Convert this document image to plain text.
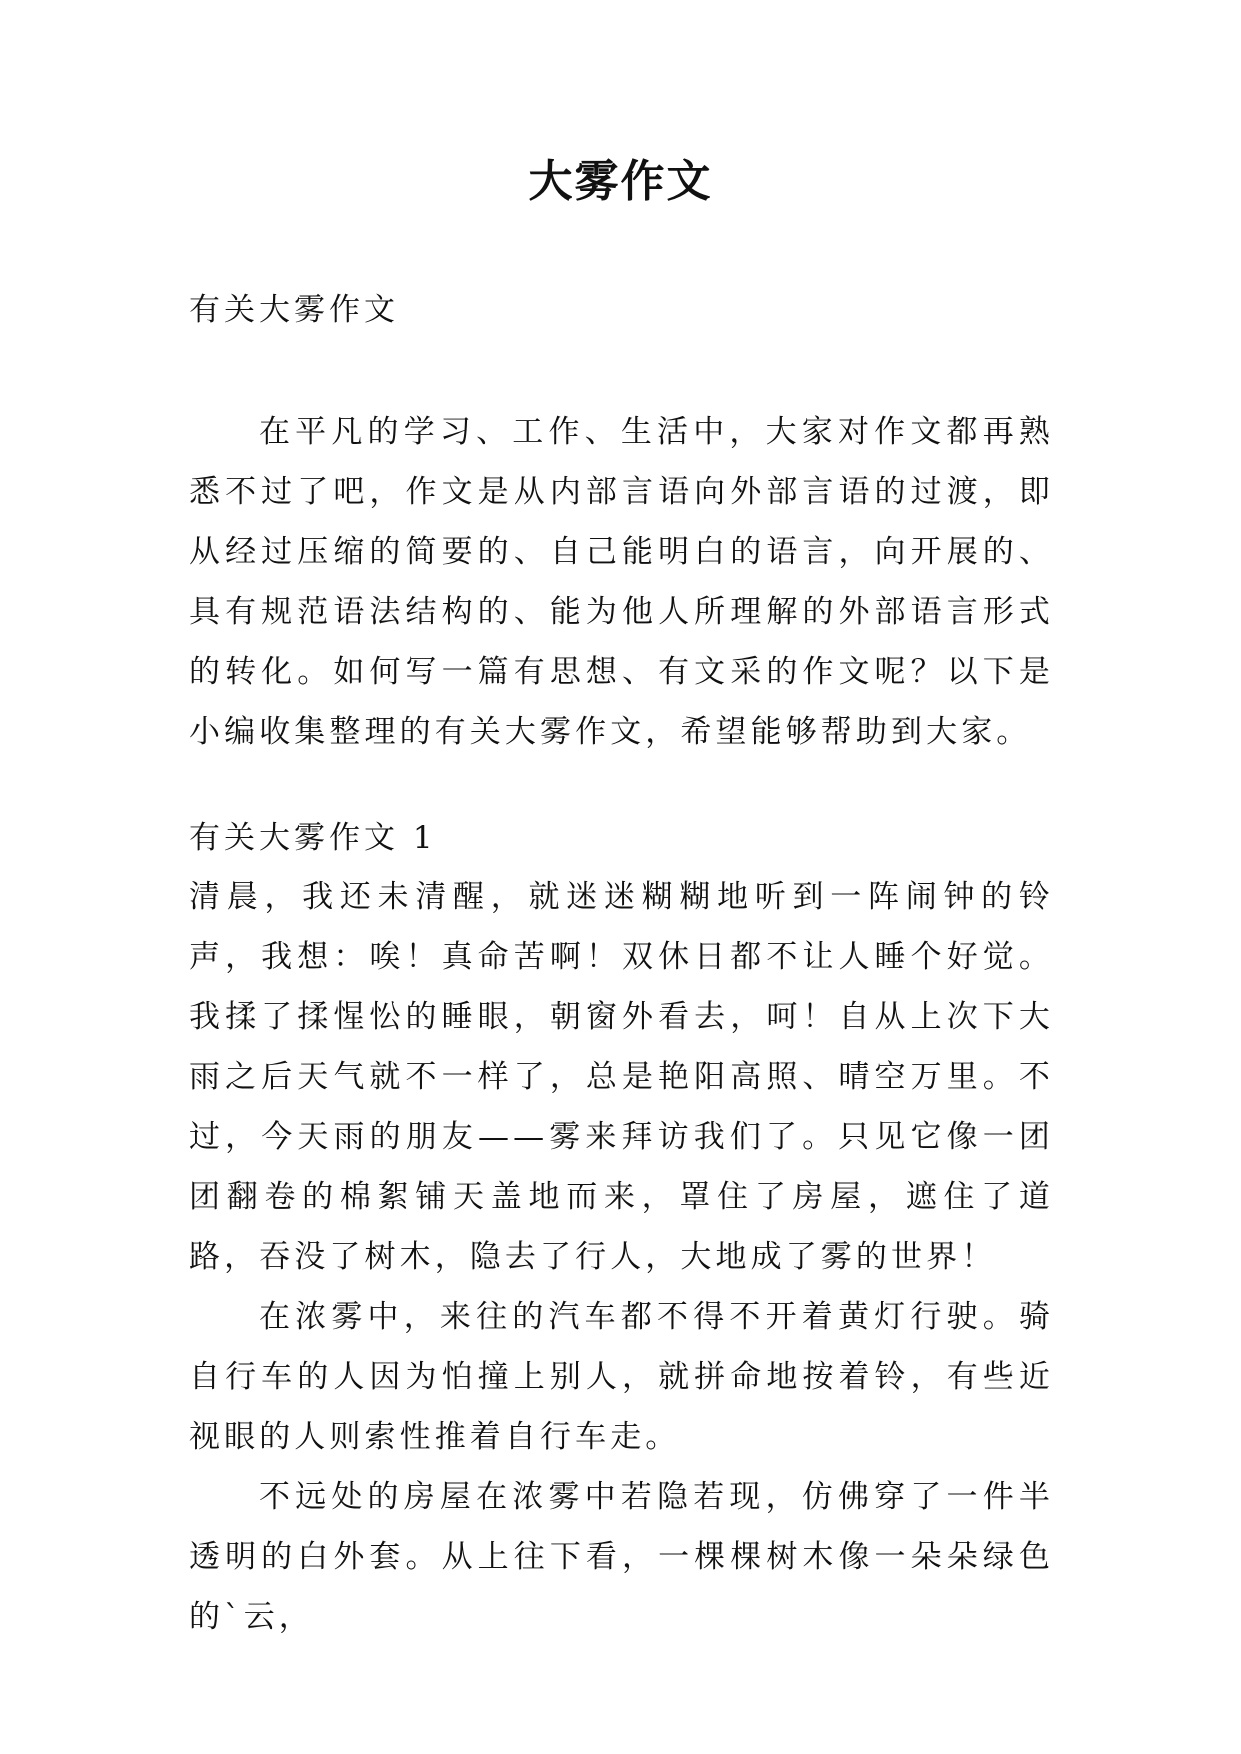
大雾作文
有关大雾作文

在平凡的学习、工作、生活中，大家对作文都再熟悉不过了吧，作文是从内部言语向外部言语的过渡，即从经过压缩的简要的、自己能明白的语言，向开展的、具有规范语法结构的、能为他人所理解的外部语言形式的转化。如何写一篇有思想、有文采的作文呢？以下是小编收集整理的有关大雾作文，希望能够帮助到大家。

有关大雾作文 1

清晨，我还未清醒，就迷迷糊糊地听到一阵闹钟的铃声，我想：唉！真命苦啊！双休日都不让人睡个好觉。我揉了揉惺忪的睡眼，朝窗外看去，呵！自从上次下大雨之后天气就不一样了，总是艳阳高照、晴空万里。不过，今天雨的朋友——雾来拜访我们了。只见它像一团团翻卷的棉絮铺天盖地而来，罩住了房屋，遮住了道路，吞没了树木，隐去了行人，大地成了雾的世界！

在浓雾中，来往的汽车都不得不开着黄灯行驶。骑自行车的人因为怕撞上别人，就拼命地按着铃，有些近视眼的人则索性推着自行车走。

不远处的房屋在浓雾中若隐若现，仿佛穿了一件半透明的白外套。从上往下看，一棵棵树木像一朵朵绿色的`云，
